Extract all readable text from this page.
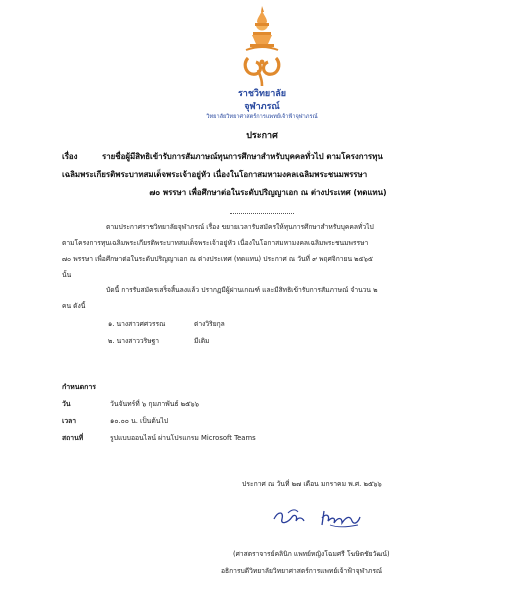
ราชวิทยาลัย
จุฬาภรณ์
วิทยาลัยวิทยาศาสตร์การแพทย์เจ้าฟ้าจุฬาภรณ์
ประกาศ
เรื่อง	รายชื่อผู้มีสิทธิเข้ารับการสัมภาษณ์ทุนการศึกษาสำหรับบุคคลทั่วไป ตามโครงการทุน
เฉลิมพระเกียรติพระบาทสมเด็จพระเจ้าอยู่หัว เนื่องในโอกาสมหามงคลเฉลิมพระชนมพรรษา
๗๐ พรรษา เพื่อศึกษาต่อในระดับปริญญาเอก ณ ต่างประเทศ (ทดแทน)
ตามประกาศราชวิทยาลัยจุฬาภรณ์ เรื่อง ขยายเวลารับสมัครให้ทุนการศึกษาสำหรับบุคคลทั่วไป
ตามโครงการทุนเฉลิมพระเกียรติพระบาทสมเด็จพระเจ้าอยู่หัว เนื่องในโอกาสมหามงคลเฉลิมพระชนมพรรษา
๗๐ พรรษา เพื่อศึกษาต่อในระดับปริญญาเอก ณ ต่างประเทศ (ทดแทน) ประกาศ ณ วันที่ ๙ พฤศจิกายน ๒๕๖๕
นั้น
บัดนี้ การรับสมัครเสร็จสิ้นลงแล้ว ปรากฏมีผู้ผ่านเกณฑ์ และมีสิทธิเข้ารับการสัมภาษณ์ จำนวน ๒
คน ดังนี้
๑. นางสาวศศวรรณ	ต่างวิริยกุล
๒. นางสาววริษฐา	มีเติม
กำหนดการ
วัน	วันจันทร์ที่ ๖ กุมภาพันธ์ ๒๕๖๖
เวลา	๑๐.๐๐ น. เป็นต้นไป
สถานที่	รูปแบบออนไลน์ ผ่านโปรแกรม Microsoft Teams
ประกาศ ณ วันที่ ๒๗ เดือน มกราคม พ.ศ. ๒๕๖๖
(ศาสตราจารย์คลินิก แพทย์หญิงโฉมศรี โฆษิตชัยวัฒน์)
อธิการบดีวิทยาลัยวิทยาศาสตร์การแพทย์เจ้าฟ้าจุฬาภรณ์
